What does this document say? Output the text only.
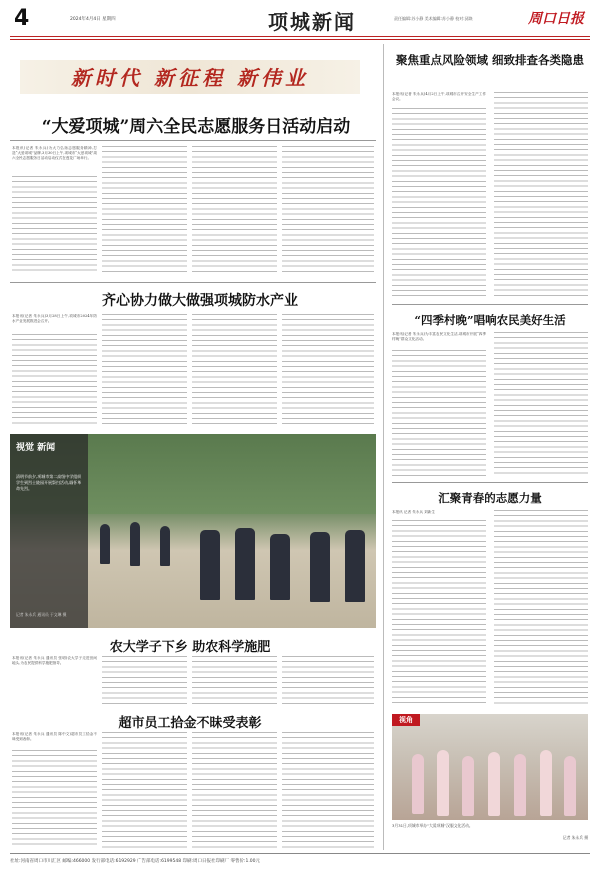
4	2024年4月4日 星期四	项城新闻	责任编辑:苏小静 美术编辑:苏小静 校对:邱焕	周口日报
新时代 新征程 新伟业
“大爱项城”周六全民志愿服务日活动启动
本报讯(记者 朱永兵)为大力弘扬志愿服务精神,打造“大爱项城”品牌,3月30日上午,项城市“大爱项城”周六全民志愿服务日活动启动仪式在莲花广场举行。
齐心协力做大做强项城防水产业
本报讯(记者 朱永兵)3月28日上午,项城市2024年防水产业发展推进会召开。
视觉 新闻
清明节前夕,项城市第二高级中学组织学生到烈士陵园开展祭扫活动,缅怀革命先烈。
记者 朱永兵 通讯员 于文琳 摄
农大学子下乡 助农科学施肥
本报讯(记者 朱永兵 通讯员 张明)农大学子走进田间地头,为农民提供科学施肥指导。
超市员工拾金不昧受表彰
本报讯(记者 朱永兵 通讯员 陈中文)超市员工拾金不昧受到表彰。
聚焦重点风险领域 细致排查各类隐患
本报讯(记者 朱永兵)4月2日上午,项城市召开安全生产工作会议。
“四季村晚”唱响农民美好生活
本报讯(记者 朱永兵)为丰富农民文化生活,项城市开展“四季村晚”群众文化活动。
汇聚青春的志愿力量
本报讯 记者 朱永兵 刘新生
视角
3月31日,项城市举办“大爱项城”汉服文化活动。
记者 朱永兵 摄
社址:河南省周口市川汇区 邮编:466000 发行部电话:6192929 广告部电话:6199548 印刷:周口日报社印刷厂 零售价:1.00元
